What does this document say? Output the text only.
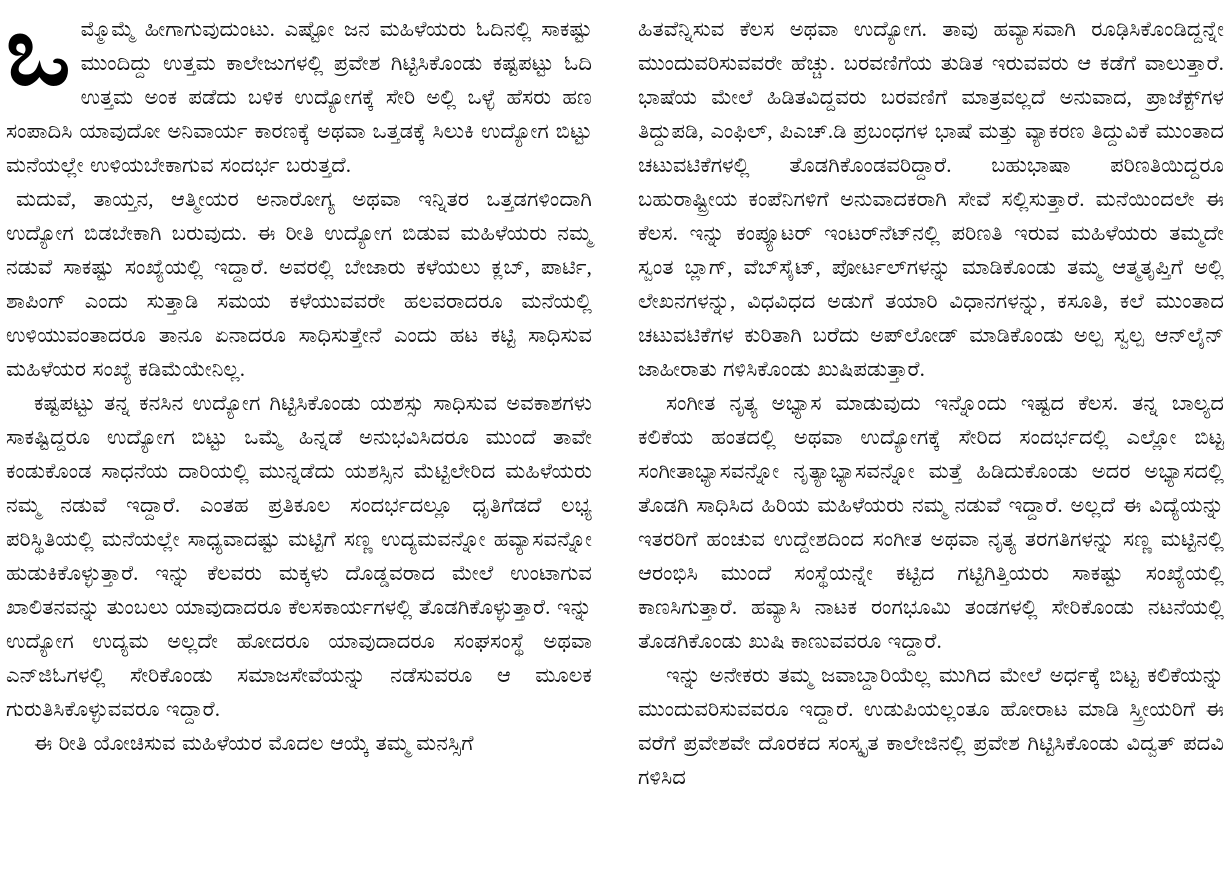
ಒಮ್ಮೊಮ್ಮೆ ಹೀಗಾಗುವುದುಂಟು. ಎಷ್ಟೋ ಜನ ಮಹಿಳೆಯರು ಓದಿನಲ್ಲಿ ಸಾಕಷ್ಟು ಮುಂದಿದ್ದು ಉತ್ತಮ ಕಾಲೇಜುಗಳಲ್ಲಿ ಪ್ರವೇಶ ಗಿಟ್ಟಿಸಿಕೊಂಡು ಕಷ್ಟಪಟ್ಟು ಓದಿ ಉತ್ತಮ ಅಂಕ ಪಡೆದು ಬಳಿಕ ಉದ್ಯೋಗಕ್ಕೆ ಸೇರಿ ಅಲ್ಲಿ ಒಳ್ಳೆ ಹೆಸರು ಹಣ ಸಂಪಾದಿಸಿ ಯಾವುದೋ ಅನಿವಾರ್ಯ ಕಾರಣಕ್ಕೆ ಅಥವಾ ಒತ್ತಡಕ್ಕೆ ಸಿಲುಕಿ ಉದ್ಯೋಗ ಬಿಟ್ಟು ಮನೆಯಲ್ಲೇ ಉಳಿಯಬೇಕಾಗುವ ಸಂದರ್ಭ ಬರುತ್ತದೆ.

ಮದುವೆ, ತಾಯ್ತನ, ಆತ್ಮೀಯರ ಅನಾರೋಗ್ಯ ಅಥವಾ ಇನ್ನಿತರ ಒತ್ತಡಗಳಿಂದಾಗಿ ಉದ್ಯೋಗ ಬಿಡಬೇಕಾಗಿ ಬರುವುದು. ಈ ರೀತಿ ಉದ್ಯೋಗ ಬಿಡುವ ಮಹಿಳೆಯರು ನಮ್ಮ ನಡುವೆ ಸಾಕಷ್ಟು ಸಂಖ್ಯೆಯಲ್ಲಿ ಇದ್ದಾರೆ. ಅವರಲ್ಲಿ ಬೇಜಾರು ಕಳೆಯಲು ಕ್ಲಬ್, ಪಾರ್ಟಿ, ಶಾಪಿಂಗ್ ಎಂದು ಸುತ್ತಾಡಿ ಸಮಯ ಕಳೆಯುವವರೇ ಹಲವರಾದರೂ ಮನೆಯಲ್ಲಿ ಉಳಿಯುವಂತಾದರೂ ತಾನೂ ಏನಾದರೂ ಸಾಧಿಸುತ್ತೇನೆ ಎಂದು ಹಟ ಕಟ್ಟಿ ಸಾಧಿಸುವ ಮಹಿಳೆಯರ ಸಂಖ್ಯೆ ಕಡಿಮೆಯೇನಿಲ್ಲ.

ಕಷ್ಟಪಟ್ಟು ತನ್ನ ಕನಸಿನ ಉದ್ಯೋಗ ಗಿಟ್ಟಿಸಿಕೊಂಡು ಯಶಸ್ಸು ಸಾಧಿಸುವ ಅವಕಾಶಗಳು ಸಾಕಷ್ಟಿದ್ದರೂ ಉದ್ಯೋಗ ಬಿಟ್ಟು ಒಮ್ಮೆ ಹಿನ್ನಡೆ ಅನುಭವಿಸಿದರೂ ಮುಂದೆ ತಾವೇ ಕಂಡುಕೊಂಡ ಸಾಧನೆಯ ದಾರಿಯಲ್ಲಿ ಮುನ್ನಡೆದು ಯಶಸ್ಸಿನ ಮೆಟ್ಟಿಲೇರಿದ ಮಹಿಳೆಯರು ನಮ್ಮ ನಡುವೆ ಇದ್ದಾರೆ. ಎಂತಹ ಪ್ರತಿಕೂಲ ಸಂದರ್ಭದಲ್ಲೂ ಧೃತಿಗೆಡದೆ ಲಭ್ಯ ಪರಿಸ್ಥಿತಿಯಲ್ಲಿ ಮನೆಯಲ್ಲೇ ಸಾಧ್ಯವಾದಷ್ಟು ಮಟ್ಟಿಗೆ ಸಣ್ಣ ಉದ್ಯಮವನ್ನೋ ಹವ್ಯಾಸವನ್ನೋ ಹುಡುಕಿಕೊಳ್ಳುತ್ತಾರೆ. ಇನ್ನು ಕೆಲವರು ಮಕ್ಕಳು ದೊಡ್ಡವರಾದ ಮೇಲೆ ಉಂಟಾಗುವ ಖಾಲಿತನವನ್ನು ತುಂಬಲು ಯಾವುದಾದರೂ ಕೆಲಸಕಾರ್ಯಗಳಲ್ಲಿ ತೊಡಗಿಕೊಳ್ಳುತ್ತಾರೆ. ಇನ್ನು ಉದ್ಯೋಗ ಉದ್ಯಮ ಅಲ್ಲದೇ ಹೋದರೂ ಯಾವುದಾದರೂ ಸಂಘಸಂಸ್ಥೆ ಅಥವಾ ಎನ್‌ಜಿಓಗಳಲ್ಲಿ ಸೇರಿಕೊಂಡು ಸಮಾಜಸೇವೆಯನ್ನು ನಡೆಸುವರೂ ಆ ಮೂಲಕ ಗುರುತಿಸಿಕೊಳ್ಳುವವರೂ ಇದ್ದಾರೆ.

ಈ ರೀತಿ ಯೋಚಿಸುವ ಮಹಿಳೆಯರ ಮೊದಲ ಆಯ್ಕೆ ತಮ್ಮ ಮನಸ್ಸಿಗೆ

ಹಿತವೆನ್ನಿಸುವ ಕೆಲಸ ಅಥವಾ ಉದ್ಯೋಗ. ತಾವು ಹವ್ಯಾಸವಾಗಿ ರೂಢಿಸಿಕೊಂಡಿದ್ದನ್ನೇ ಮುಂದುವರಿಸುವವರೇ ಹೆಚ್ಚು. ಬರವಣಿಗೆಯ ತುಡಿತ ಇರುವವರು ಆ ಕಡೆಗೆ ವಾಲುತ್ತಾರೆ. ಭಾಷೆಯ ಮೇಲೆ ಹಿಡಿತವಿದ್ದವರು ಬರವಣಿಗೆ ಮಾತ್ರವಲ್ಲದೆ ಅನುವಾದ, ಪ್ರಾಜೆಕ್ಟ್‌ಗಳ ತಿದ್ದುಪಡಿ, ಎಂಫಿಲ್, ಪಿಎಚ್.ಡಿ ಪ್ರಬಂಧಗಳ ಭಾಷೆ ಮತ್ತು ವ್ಯಾಕರಣ ತಿದ್ದುವಿಕೆ ಮುಂತಾದ ಚಟುವಟಿಕೆಗಳಲ್ಲಿ ತೊಡಗಿಕೊಂಡವರಿದ್ದಾರೆ. ಬಹುಭಾಷಾ ಪರಿಣತಿಯಿದ್ದರೂ ಬಹುರಾಷ್ಟ್ರೀಯ ಕಂಪೆನಿಗಳಿಗೆ ಅನುವಾದಕರಾಗಿ ಸೇವೆ ಸಲ್ಲಿಸುತ್ತಾರೆ. ಮನೆಯಿಂದಲೇ ಈ ಕೆಲಸ. ಇನ್ನು ಕಂಪ್ಯೂಟರ್ ಇಂಟರ್‌ನೆಟ್‌ನಲ್ಲಿ ಪರಿಣತಿ ಇರುವ ಮಹಿಳೆಯರು ತಮ್ಮದೇ ಸ್ವಂತ ಬ್ಲಾಗ್, ವೆಬ್‌ಸೈಟ್, ಪೋರ್ಟಲ್‌ಗಳನ್ನು ಮಾಡಿಕೊಂಡು ತಮ್ಮ ಆತ್ಮತೃಪ್ತಿಗೆ ಅಲ್ಲಿ ಲೇಖನಗಳನ್ನು, ವಿಧವಿಧದ ಅಡುಗೆ ತಯಾರಿ ವಿಧಾನಗಳನ್ನು, ಕಸೂತಿ, ಕಲೆ ಮುಂತಾದ ಚಟುವಟಿಕೆಗಳ ಕುರಿತಾಗಿ ಬರೆದು ಅಪ್‌ಲೋಡ್ ಮಾಡಿಕೊಂಡು ಅಲ್ಪ ಸ್ವಲ್ಪ ಆನ್‌ಲೈನ್ ಜಾಹೀರಾತು ಗಳಿಸಿಕೊಂಡು ಖುಷಿಪಡುತ್ತಾರೆ.

ಸಂಗೀತ ನೃತ್ಯ ಅಭ್ಯಾಸ ಮಾಡುವುದು ಇನ್ನೊಂದು ಇಷ್ಟದ ಕೆಲಸ. ತನ್ನ ಬಾಲ್ಯದ ಕಲಿಕೆಯ ಹಂತದಲ್ಲಿ ಅಥವಾ ಉದ್ಯೋಗಕ್ಕೆ ಸೇರಿದ ಸಂದರ್ಭದಲ್ಲಿ ಎಲ್ಲೋ ಬಿಟ್ಟ ಸಂಗೀತಾಭ್ಯಾಸವನ್ನೋ ನೃತ್ಯಾಭ್ಯಾಸವನ್ನೋ ಮತ್ತೆ ಹಿಡಿದುಕೊಂಡು ಅದರ ಅಭ್ಯಾಸದಲ್ಲಿ ತೊಡಗಿ ಸಾಧಿಸಿದ ಹಿರಿಯ ಮಹಿಳೆಯರು ನಮ್ಮ ನಡುವೆ ಇದ್ದಾರೆ. ಅಲ್ಲದೆ ಈ ವಿದ್ಯೆಯನ್ನು ಇತರರಿಗೆ ಹಂಚುವ ಉದ್ದೇಶದಿಂದ ಸಂಗೀತ ಅಥವಾ ನೃತ್ಯ ತರಗತಿಗಳನ್ನು ಸಣ್ಣ ಮಟ್ಟಿನಲ್ಲಿ ಆರಂಭಿಸಿ ಮುಂದೆ ಸಂಸ್ಥೆಯನ್ನೇ ಕಟ್ಟಿದ ಗಟ್ಟಿಗಿತ್ತಿಯರು ಸಾಕಷ್ಟು ಸಂಖ್ಯೆಯಲ್ಲಿ ಕಾಣಸಿಗುತ್ತಾರೆ. ಹವ್ಯಾಸಿ ನಾಟಕ ರಂಗಭೂಮಿ ತಂಡಗಳಲ್ಲಿ ಸೇರಿಕೊಂಡು ನಟನೆಯಲ್ಲಿ ತೊಡಗಿಕೊಂಡು ಖುಷಿ ಕಾಣುವವರೂ ಇದ್ದಾರೆ.

ಇನ್ನು ಅನೇಕರು ತಮ್ಮ ಜವಾಬ್ದಾರಿಯೆಲ್ಲ ಮುಗಿದ ಮೇಲೆ ಅರ್ಧಕ್ಕೆ ಬಿಟ್ಟ ಕಲಿಕೆಯನ್ನು ಮುಂದುವರಿಸುವವರೂ ಇದ್ದಾರೆ. ಉಡುಪಿಯಲ್ಲಂತೂ ಹೋರಾಟ ಮಾಡಿ ಸ್ತ್ರೀಯರಿಗೆ ಈ ವರೆಗೆ ಪ್ರವೇಶವೇ ದೊರಕದ ಸಂಸ್ಕೃತ ಕಾಲೇಜಿನಲ್ಲಿ ಪ್ರವೇಶ ಗಿಟ್ಟಿಸಿಕೊಂಡು ವಿದ್ವತ್ ಪದವಿ ಗಳಿಸಿದ
